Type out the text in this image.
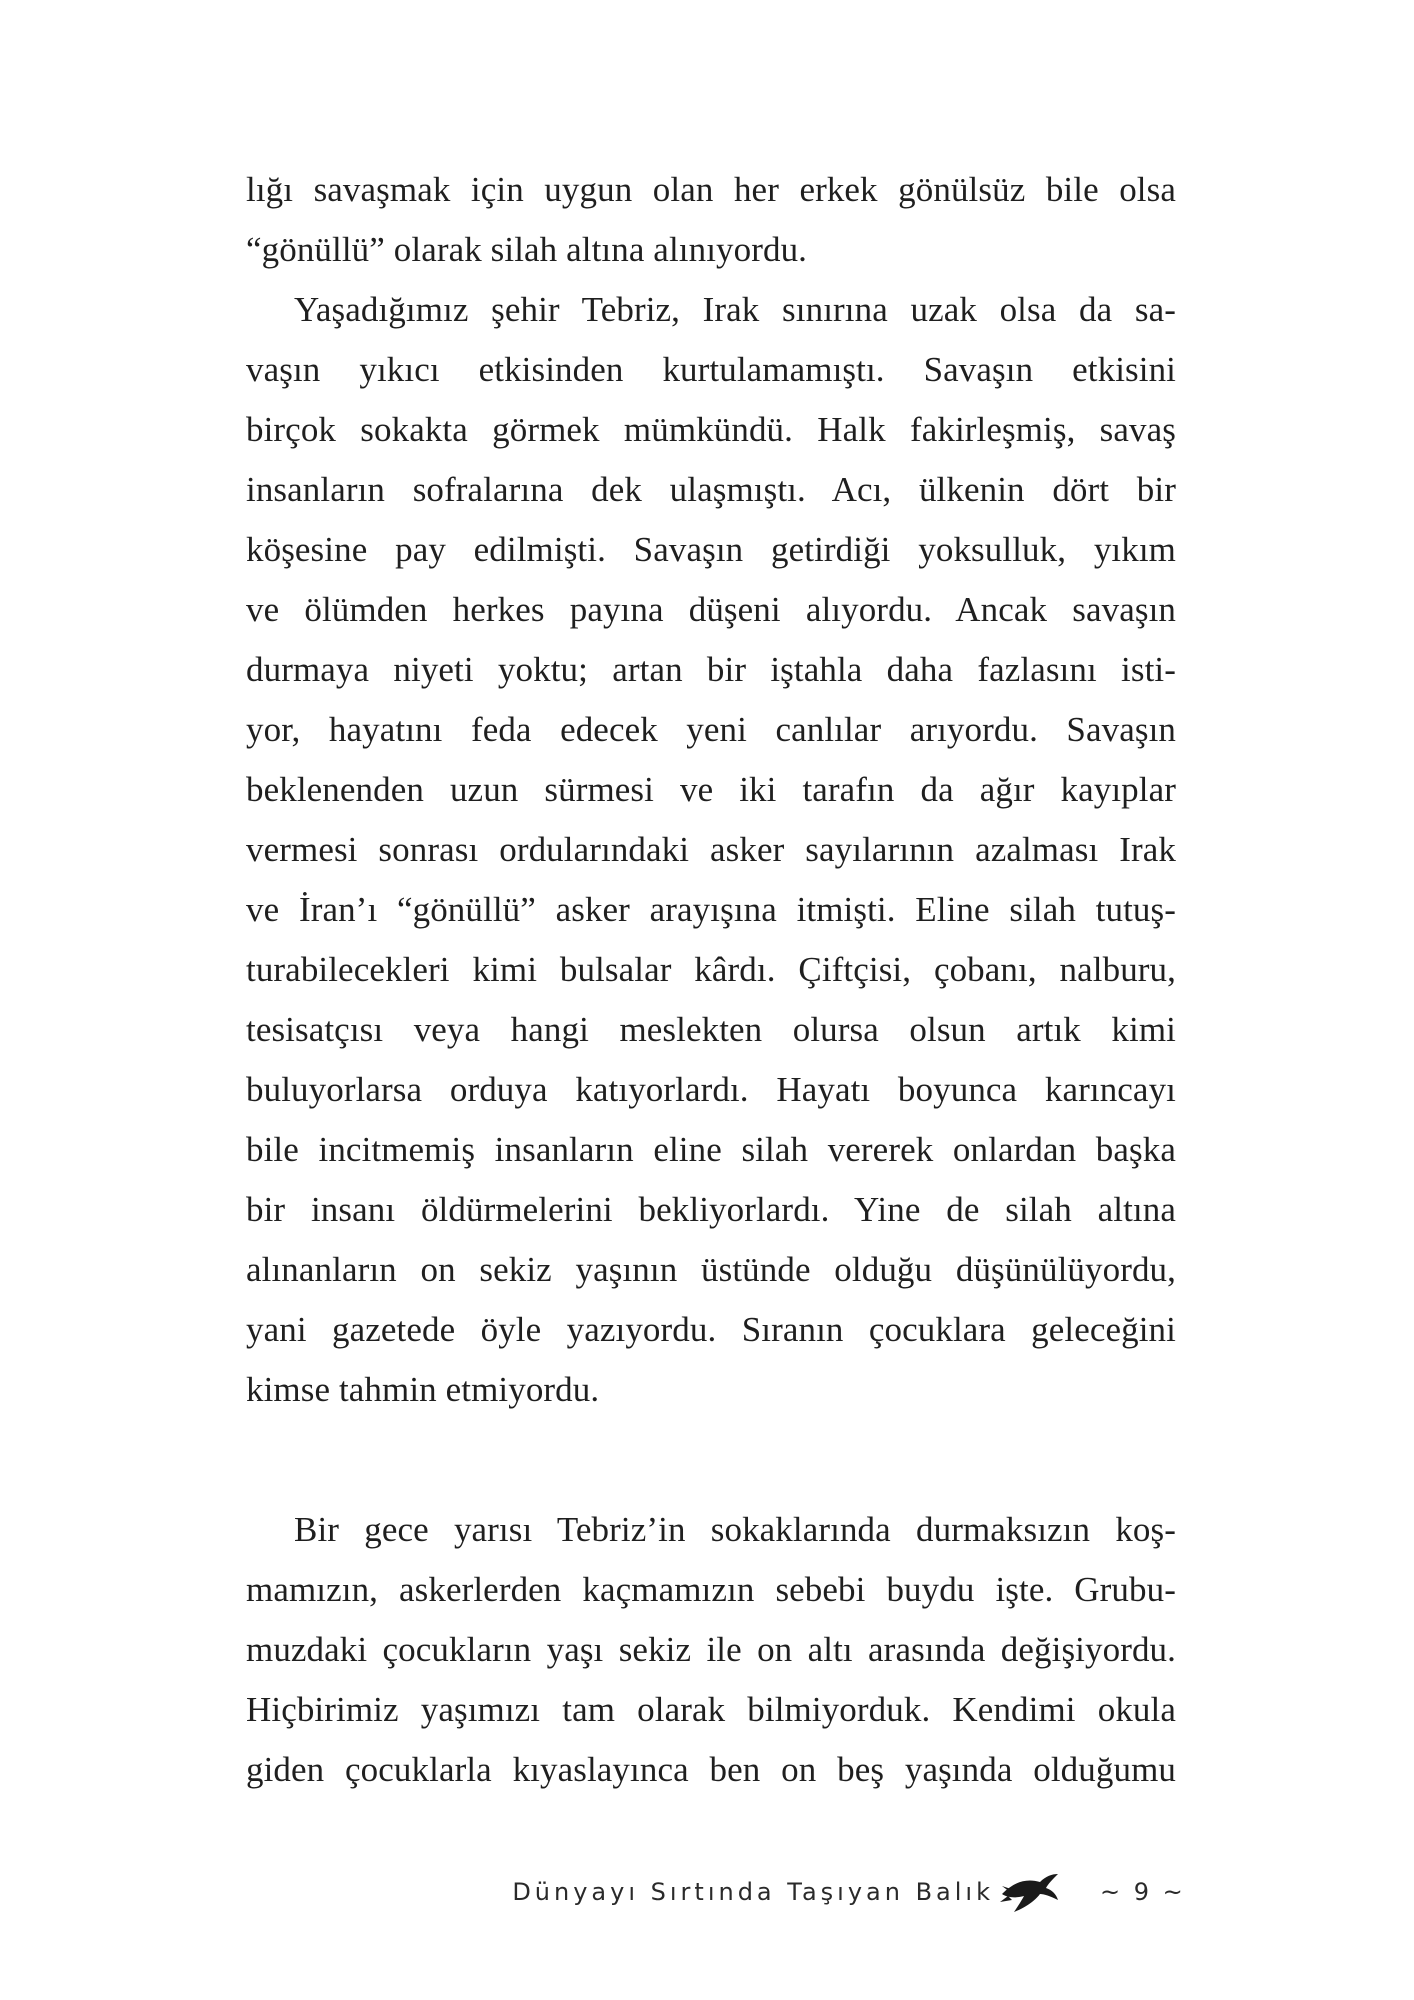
lığı savaşmak için uygun olan her erkek gönülsüz bile olsa
“gönüllü” olarak silah altına alınıyordu.
Yaşadığımız şehir Tebriz, Irak sınırına uzak olsa da sa-
vaşın yıkıcı etkisinden kurtulamamıştı. Savaşın etkisini
birçok sokakta görmek mümkündü. Halk fakirleşmiş, savaş
insanların sofralarına dek ulaşmıştı. Acı, ülkenin dört bir
köşesine pay edilmişti. Savaşın getirdiği yoksulluk, yıkım
ve ölümden herkes payına düşeni alıyordu. Ancak savaşın
durmaya niyeti yoktu; artan bir iştahla daha fazlasını isti-
yor, hayatını feda edecek yeni canlılar arıyordu. Savaşın
beklenenden uzun sürmesi ve iki tarafın da ağır kayıplar
vermesi sonrası ordularındaki asker sayılarının azalması Irak
ve İran’ı “gönüllü” asker arayışına itmişti. Eline silah tutuş-
turabilecekleri kimi bulsalar kârdı. Çiftçisi, çobanı, nalburu,
tesisatçısı veya hangi meslekten olursa olsun artık kimi
buluyorlarsa orduya katıyorlardı. Hayatı boyunca karıncayı
bile incitmemiş insanların eline silah vererek onlardan başka
bir insanı öldürmelerini bekliyorlardı. Yine de silah altına
alınanların on sekiz yaşının üstünde olduğu düşünülüyordu,
yani gazetede öyle yazıyordu. Sıranın çocuklara geleceğini
kimse tahmin etmiyordu.
Bir gece yarısı Tebriz’in sokaklarında durmaksızın koş-
mamızın, askerlerden kaçmamızın sebebi buydu işte. Grubu-
muzdaki çocukların yaşı sekiz ile on altı arasında değişiyordu.
Hiçbirimiz yaşımızı tam olarak bilmiyorduk. Kendimi okula
giden çocuklarla kıyaslayınca ben on beş yaşında olduğumu
Dünyayı Sırtında Taşıyan Balık	~ 9 ~
